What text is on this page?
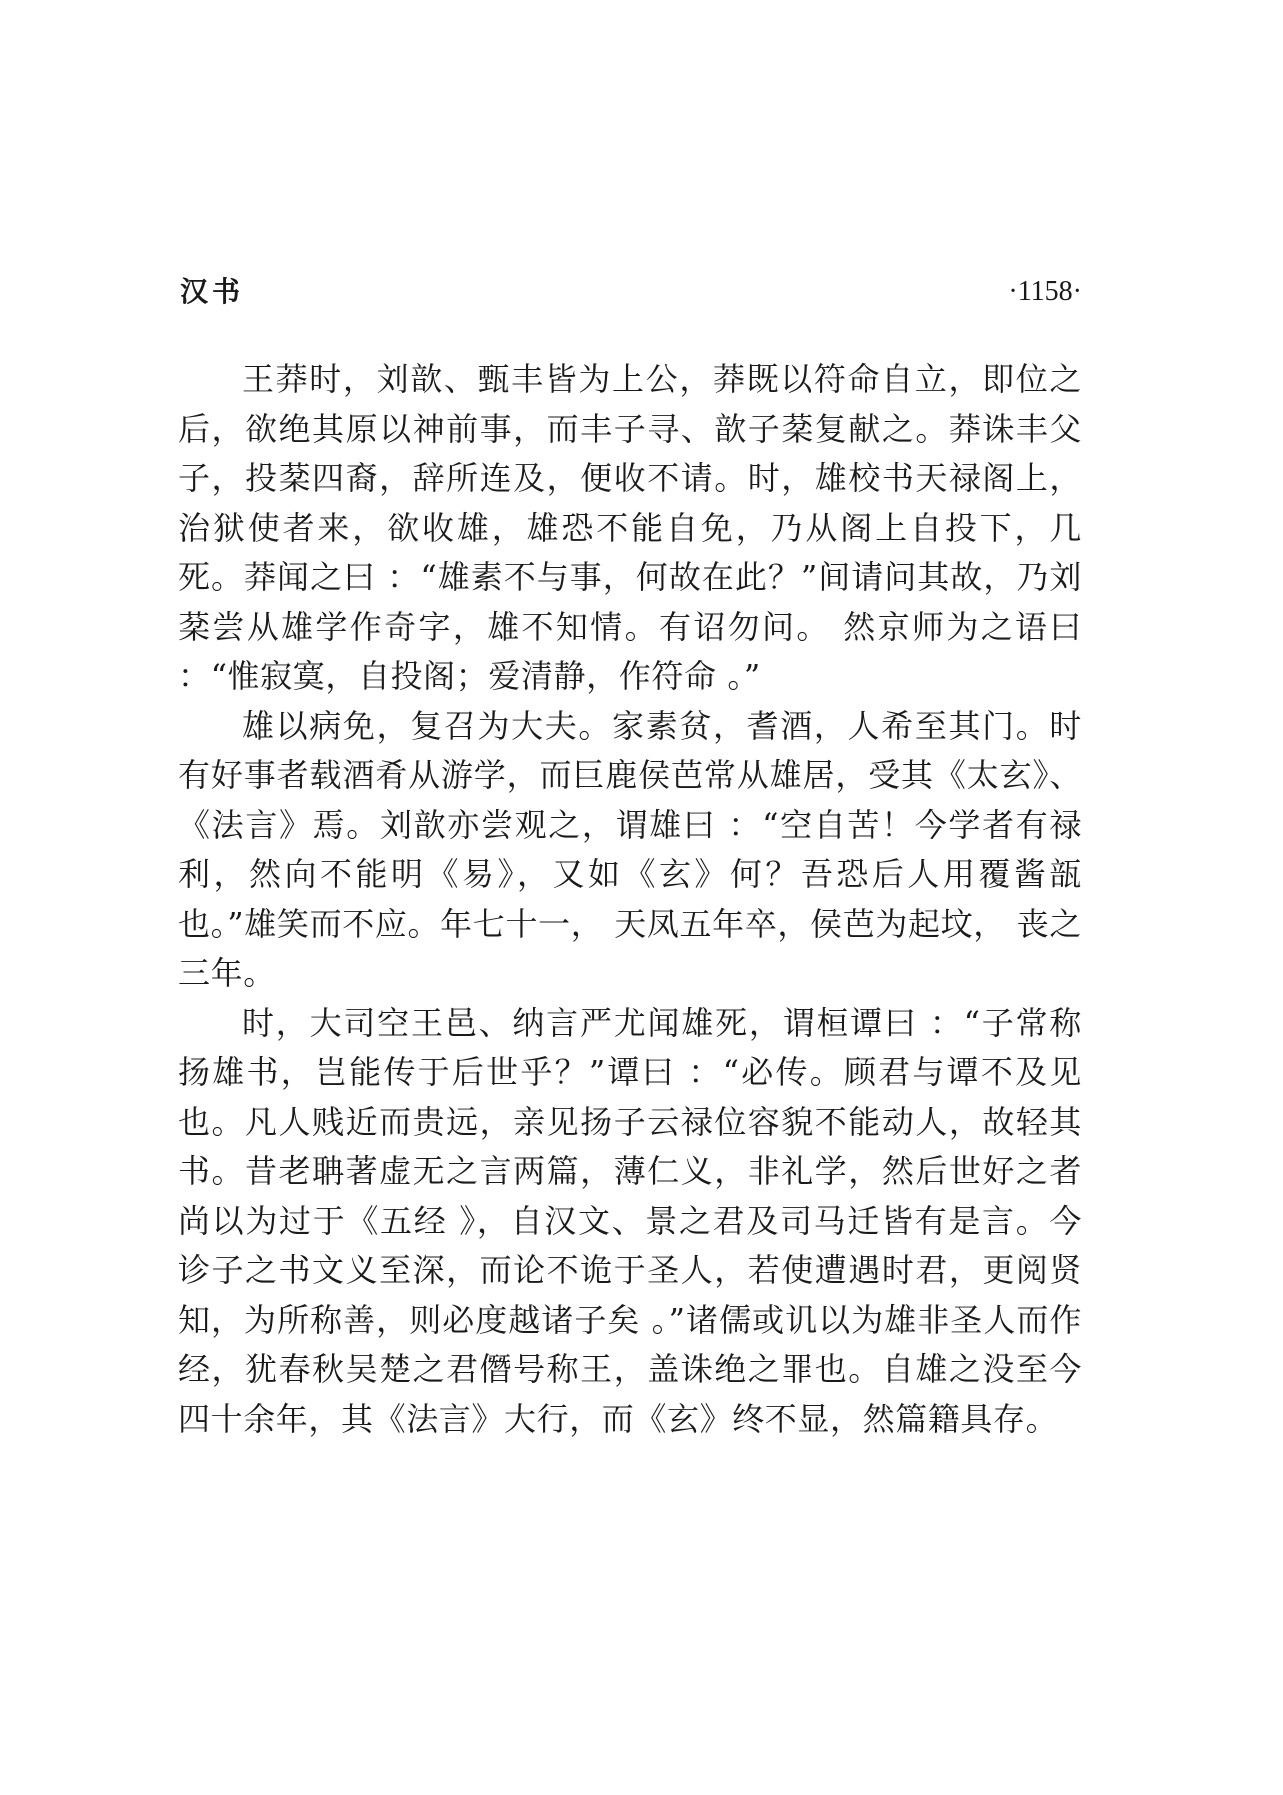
汉书	·1158·

王莽时，刘歆、甄丰皆为上公，莽既以符命自立，即位之后，欲绝其原以神前事，而丰子寻、歆子棻复献之。莽诛丰父子，投棻四裔，辞所连及，便收不请。时，雄校书天禄阁上，治狱使者来，欲收雄，雄恐不能自免，乃从阁上自投下，几死。莽闻之曰 ：“雄素不与事，何故在此？”间请问其故，乃刘棻尝从雄学作奇字，雄不知情。有诏勿问。 然京师为之语曰 ：“惟寂寞，自投阁；爱清静，作符命 。”

雄以病免，复召为大夫。家素贫，耆酒，人希至其门。时有好事者载酒肴从游学，而巨鹿侯芭常从雄居，受其《太玄》、《法言》焉。刘歆亦尝观之，谓雄曰 ：“空自苦！今学者有禄利，然向不能明《易》，又如《玄》何？吾恐后人用覆酱瓿也。”雄笑而不应。年七十一， 天凤五年卒，侯芭为起坟， 丧之三年。

时，大司空王邑、纳言严尤闻雄死，谓桓谭曰 ：“子常称扬雄书，岂能传于后世乎？”谭曰 ：“必传。顾君与谭不及见也。凡人贱近而贵远，亲见扬子云禄位容貌不能动人，故轻其书。昔老聃著虚无之言两篇，薄仁义，非礼学，然后世好之者尚以为过于《五经 》，自汉文、景之君及司马迁皆有是言。今诊子之书文义至深，而论不诡于圣人，若使遭遇时君，更阅贤知，为所称善，则必度越诸子矣 。”诸儒或讥以为雄非圣人而作经，犹春秋吴楚之君僭号称王，盖诛绝之罪也。自雄之没至今四十余年，其《法言》大行，而《玄》终不显，然篇籍具存。
